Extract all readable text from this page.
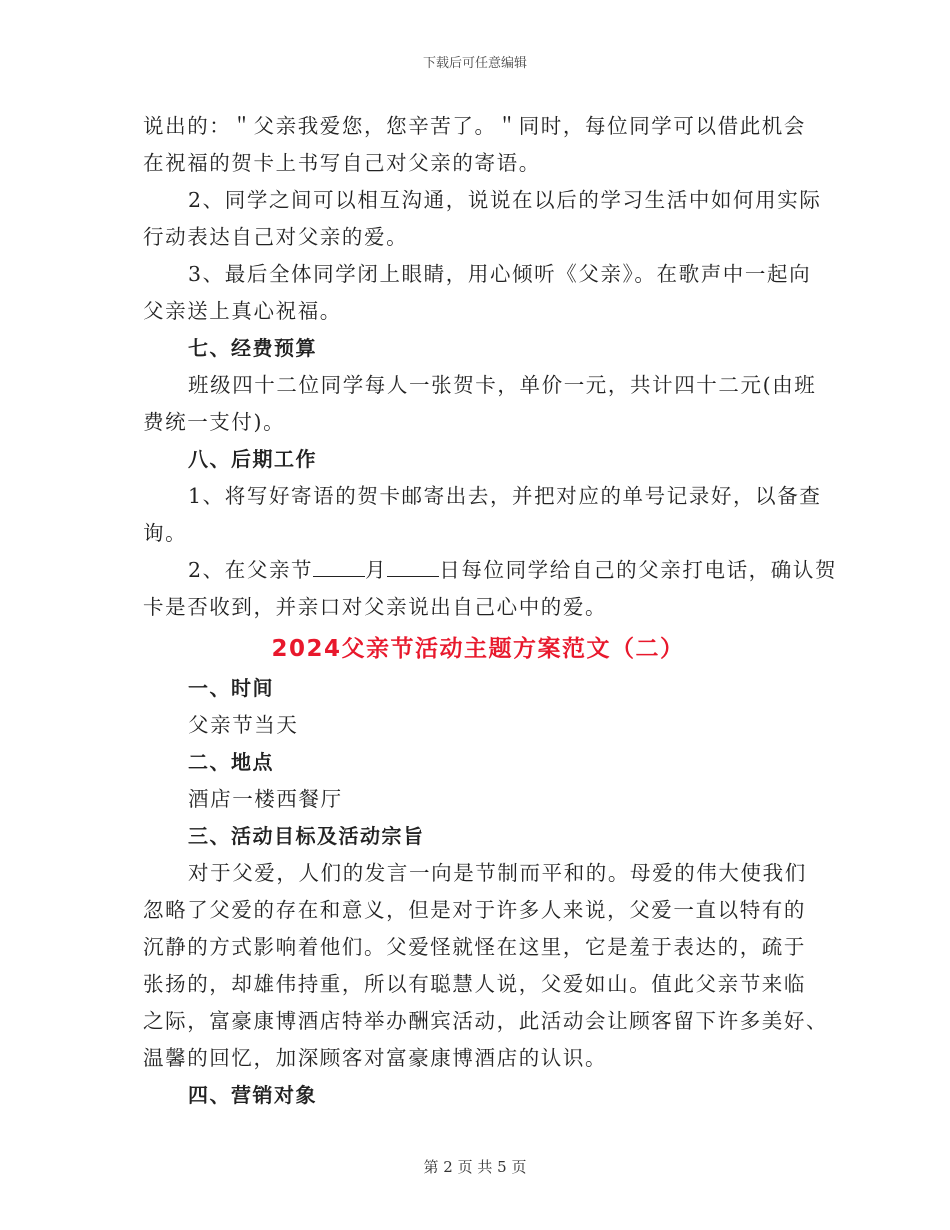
下载后可任意编辑

说出的：＂父亲我爱您，您辛苦了。＂同时，每位同学可以借此机会

在祝福的贺卡上书写自己对父亲的寄语。

2、同学之间可以相互沟通，说说在以后的学习生活中如何用实际

行动表达自己对父亲的爱。

3、最后全体同学闭上眼睛，用心倾听《父亲》。在歌声中一起向

父亲送上真心祝福。

七、经费预算

班级四十二位同学每人一张贺卡，单价一元，共计四十二元(由班

费统一支付)。

八、后期工作

1、将写好寄语的贺卡邮寄出去，并把对应的单号记录好，以备查

询。

2、在父亲节	月	日每位同学给自己的父亲打电话，确认贺

卡是否收到，并亲口对父亲说出自己心中的爱。

2024父亲节活动主题方案范文（二）

一、时间

父亲节当天

二、地点

酒店一楼西餐厅

三、活动目标及活动宗旨

对于父爱，人们的发言一向是节制而平和的。母爱的伟大使我们

忽略了父爱的存在和意义，但是对于许多人来说，父爱一直以特有的

沉静的方式影响着他们。父爱怪就怪在这里，它是羞于表达的，疏于

张扬的，却雄伟持重，所以有聪慧人说，父爱如山。值此父亲节来临

之际，富豪康博酒店特举办酬宾活动，此活动会让顾客留下许多美好、

温馨的回忆，加深顾客对富豪康博酒店的认识。

四、营销对象

第 2 页 共 5 页
